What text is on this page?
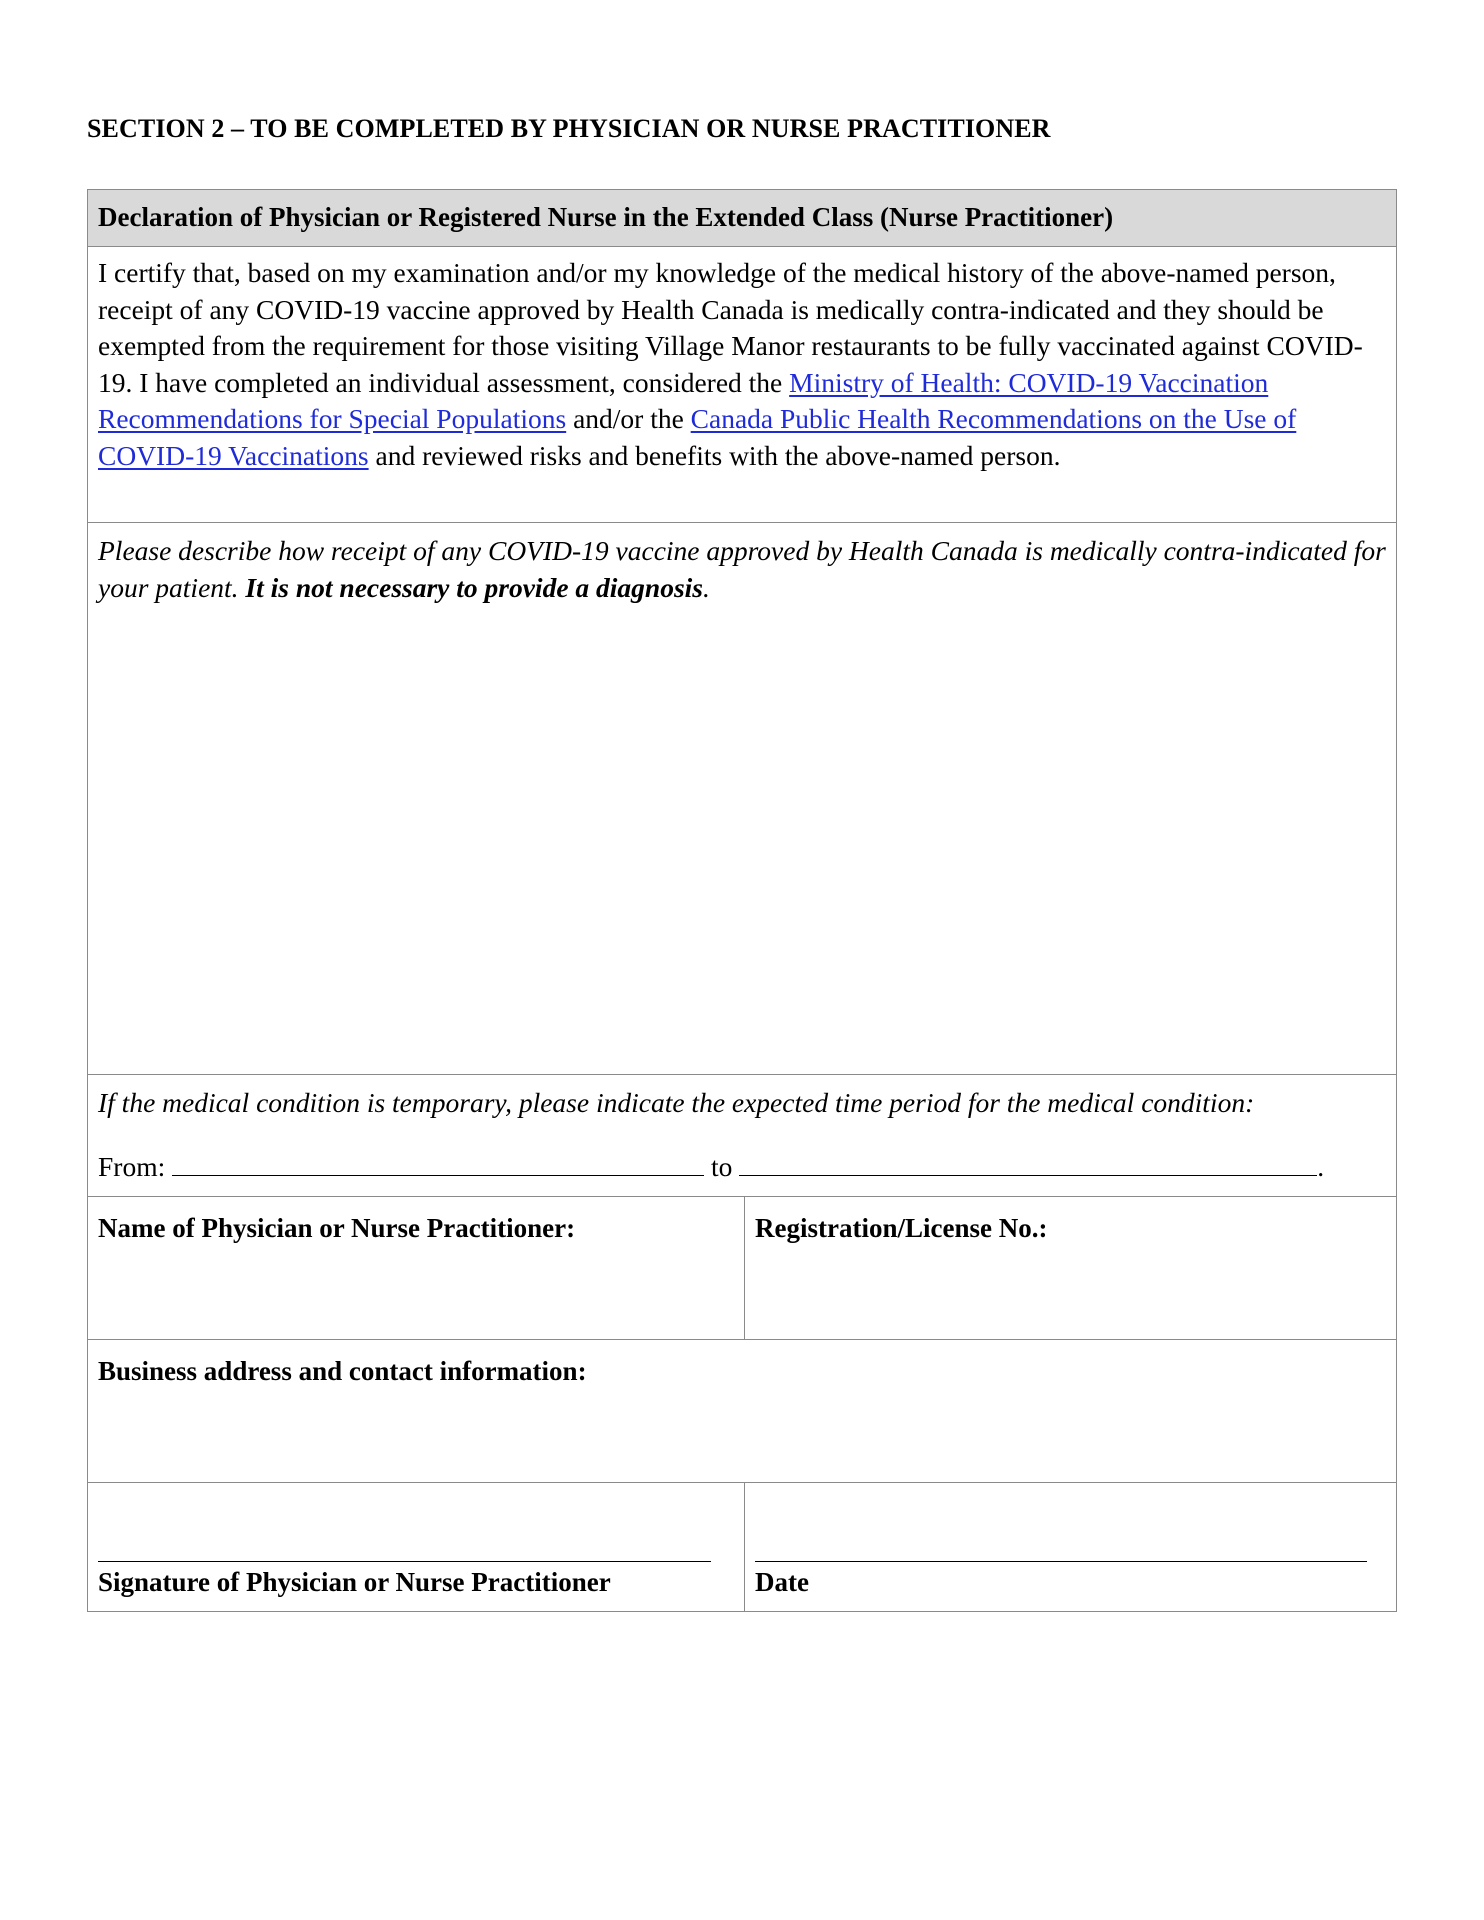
SECTION 2 – TO BE COMPLETED BY PHYSICIAN OR NURSE PRACTITIONER
Declaration of Physician or Registered Nurse in the Extended Class (Nurse Practitioner)
I certify that, based on my examination and/or my knowledge of the medical history of the above-named person, receipt of any COVID-19 vaccine approved by Health Canada is medically contra-indicated and they should be exempted from the requirement for those visiting Village Manor restaurants to be fully vaccinated against COVID-19. I have completed an individual assessment, considered the Ministry of Health: COVID-19 Vaccination Recommendations for Special Populations and/or the Canada Public Health Recommendations on the Use of COVID-19 Vaccinations and reviewed risks and benefits with the above-named person.
Please describe how receipt of any COVID-19 vaccine approved by Health Canada is medically contra-indicated for your patient. It is not necessary to provide a diagnosis.
If the medical condition is temporary, please indicate the expected time period for the medical condition:
From:	to	.
Name of Physician or Nurse Practitioner:	Registration/License No.:
Business address and contact information:
Signature of Physician or Nurse Practitioner	Date
